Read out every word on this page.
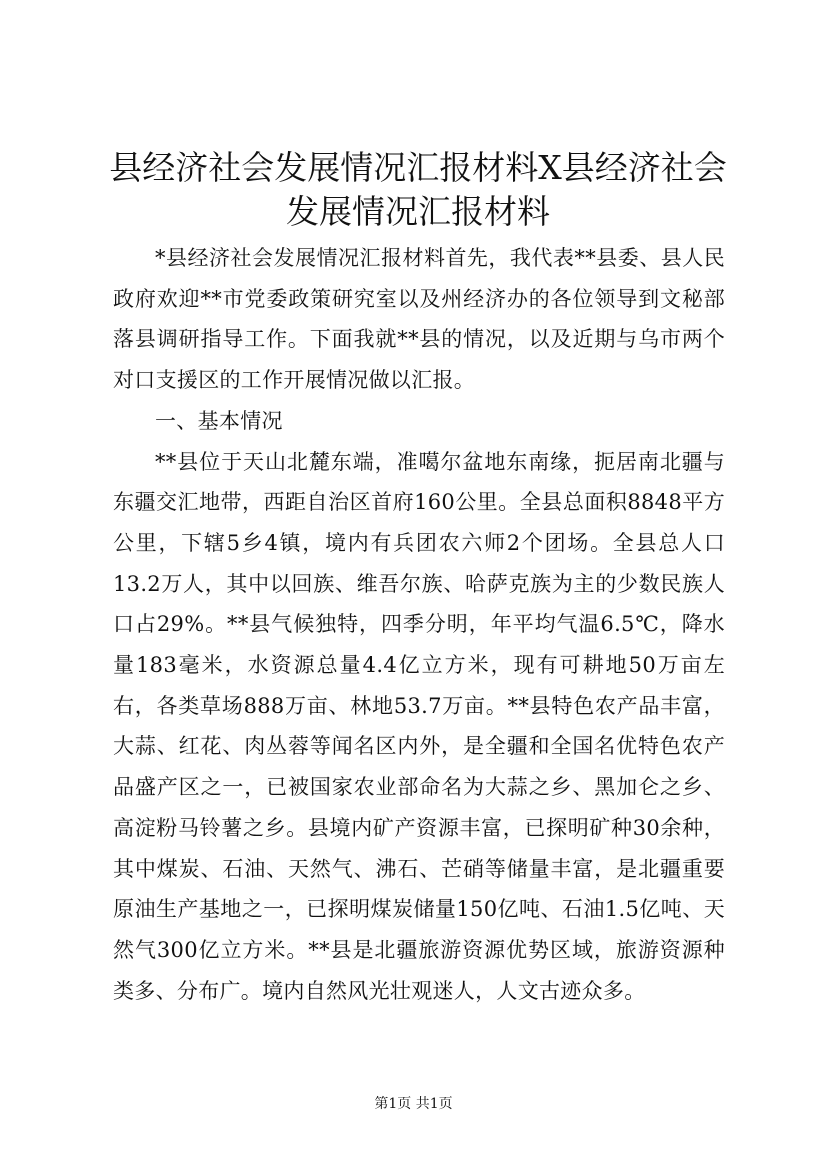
县经济社会发展情况汇报材料X县经济社会发展情况汇报材料

*县经济社会发展情况汇报材料首先，我代表**县委、县人民政府欢迎**市党委政策研究室以及州经济办的各位领导到文秘部落县调研指导工作。下面我就**县的情况，以及近期与乌市两个对口支援区的工作开展情况做以汇报。

一、基本情况

**县位于天山北麓东端，准噶尔盆地东南缘，扼居南北疆与东疆交汇地带，西距自治区首府160公里。全县总面积8848平方公里，下辖5乡4镇，境内有兵团农六师2个团场。全县总人口13.2万人，其中以回族、维吾尔族、哈萨克族为主的少数民族人口占29%。**县气候独特，四季分明，年平均气温6.5℃，降水量183毫米，水资源总量4.4亿立方米，现有可耕地50万亩左右，各类草场888万亩、林地53.7万亩。**县特色农产品丰富，大蒜、红花、肉丛蓉等闻名区内外，是全疆和全国名优特色农产品盛产区之一，已被国家农业部命名为大蒜之乡、黑加仑之乡、高淀粉马铃薯之乡。县境内矿产资源丰富，已探明矿种30余种，其中煤炭、石油、天然气、沸石、芒硝等储量丰富，是北疆重要原油生产基地之一，已探明煤炭储量150亿吨、石油1.5亿吨、天然气300亿立方米。**县是北疆旅游资源优势区域，旅游资源种类多、分布广。境内自然风光壮观迷人，人文古迹众多。

第1页 共1页
